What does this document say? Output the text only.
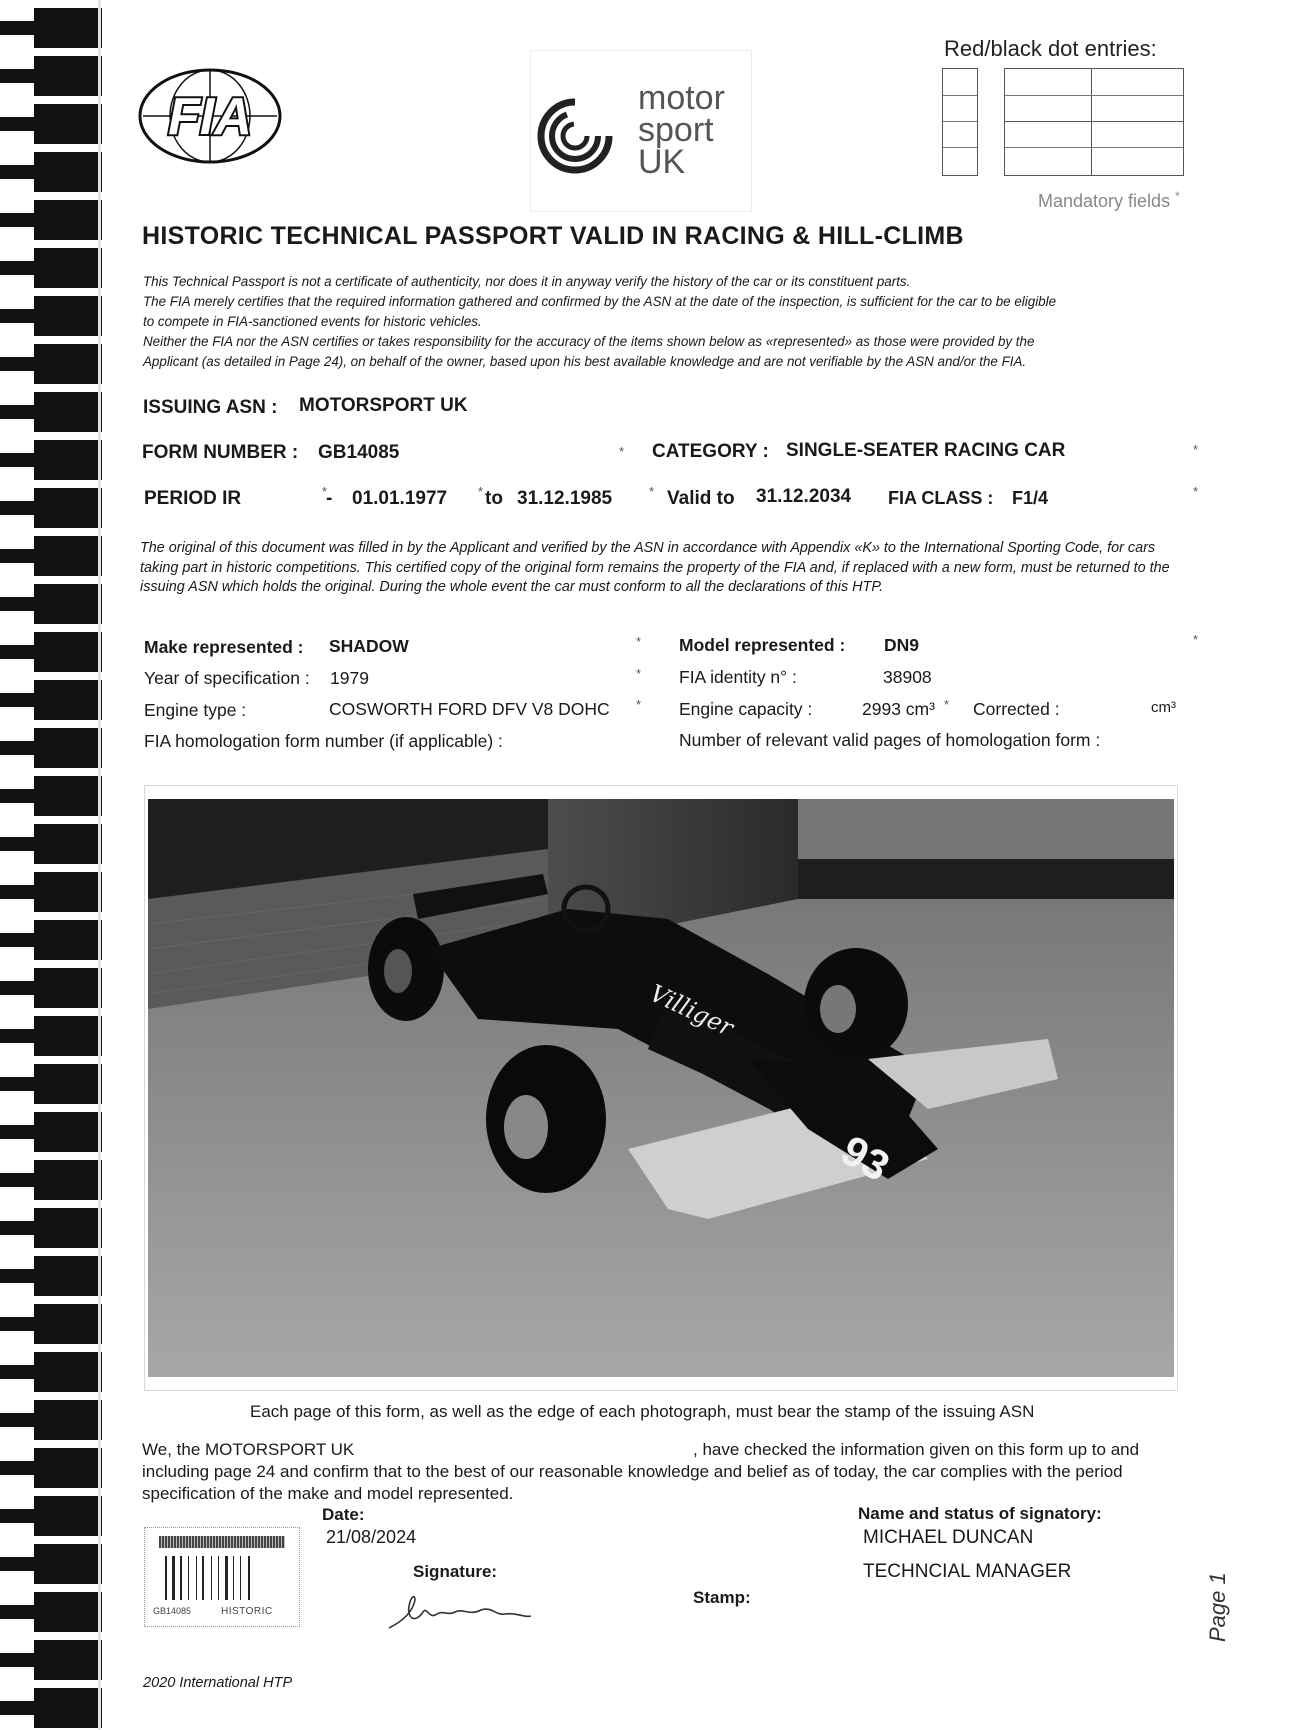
FIA	motor
sport
UK
Red/black dot entries:
Mandatory fields *
HISTORIC TECHNICAL PASSPORT VALID IN RACING & HILL-CLIMB
This Technical Passport is not a certificate of authenticity, nor does it in anyway verify the history of the car or its constituent parts.
The FIA merely certifies that the required information gathered and confirmed by the ASN at the date of the inspection, is sufficient for the car to be eligible
to compete in FIA-sanctioned events for historic vehicles.
Neither the FIA nor the ASN certifies or takes responsibility for the accuracy of the items shown below as «represented» as those were provided by the
Applicant (as detailed in Page 24), on behalf of the owner, based upon his best available knowledge and are not verifiable by the ASN and/or the FIA.
ISSUING ASN : MOTORSPORT UK
FORM NUMBER : GB14085	CATEGORY : SINGLE-SEATER RACING CAR
PERIOD IR	- 01.01.1977 to 31.12.1985	Valid to 31.12.2034 FIA CLASS : F1/4
The original of this document was filled in by the Applicant and verified by the ASN in accordance with Appendix «K» to the International Sporting Code, for cars taking part in historic competitions. This certified copy of the original form remains the property of the FIA and, if replaced with a new form, must be returned to the issuing ASN which holds the original. During the whole event the car must conform to all the declarations of this HTP.
Make represented : SHADOW	Model represented : DN9
Year of specification : 1979	FIA identity n° :	38908
Engine type :	COSWORTH FORD DFV V8 DOHC	Engine capacity :	2993 cm³ Corrected :	cm³
FIA homologation form number (if applicable) :	Number of relevant valid pages of homologation form :
*	*
*	*	*	*
*	*
*
*	*
Villiger
93
Each page of this form, as well as the edge of each photograph, must bear the stamp of the issuing ASN
We, the MOTORSPORT UK	, have checked the information given on this form up to and
including page 24 and confirm that to the best of our reasonable knowledge and belief as of today, the car complies with the period
specification of the make and model represented.
Date:
21/08/2024
Signature:
Stamp:
Name and status of signatory:
MICHAEL DUNCAN
TECHNCIAL MANAGER
GB14085	HISTORIC
2020 International HTP
Page 1
